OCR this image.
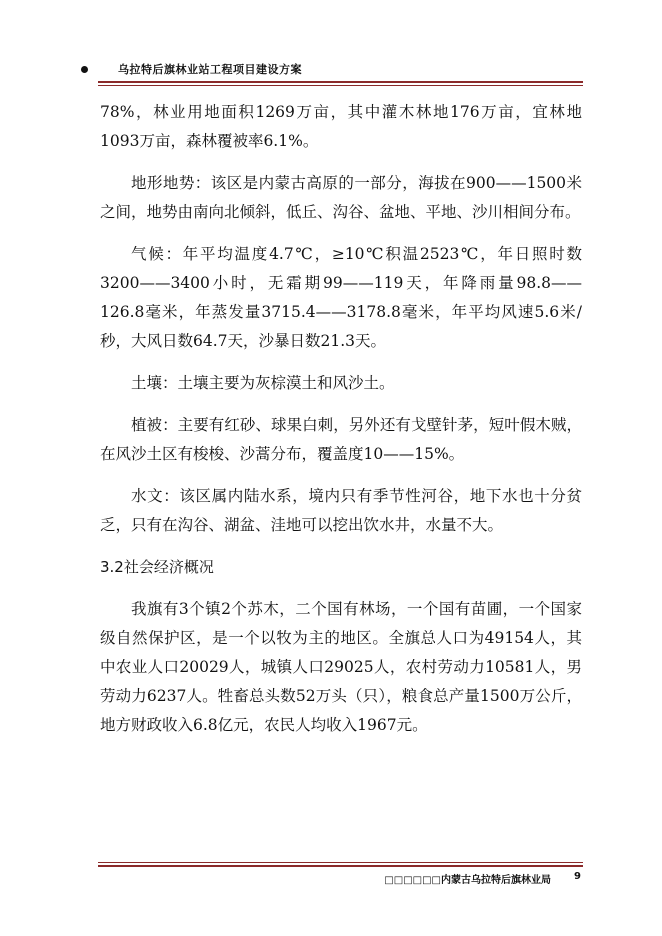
乌拉特后旗林业站工程项目建设方案

78%，林业用地面积1269万亩，其中灌木林地176万亩，宜林地1093万亩，森林覆被率6.1%。

地形地势：该区是内蒙古高原的一部分，海拔在900——1500米之间，地势由南向北倾斜，低丘、沟谷、盆地、平地、沙川相间分布。

气候：年平均温度4.7℃，≥10℃积温2523℃，年日照时数3200——3400小时，无霜期99——119天，年降雨量98.8——126.8毫米，年蒸发量3715.4——3178.8毫米，年平均风速5.6米/秒，大风日数64.7天，沙暴日数21.3天。

土壤：土壤主要为灰棕漠土和风沙土。

植被：主要有红砂、球果白刺，另外还有戈壁针茅，短叶假木贼，在风沙土区有梭梭、沙蒿分布，覆盖度10——15%。

水文：该区属内陆水系，境内只有季节性河谷，地下水也十分贫乏，只有在沟谷、湖盆、洼地可以挖出饮水井，水量不大。

3.2社会经济概况

我旗有3个镇2个苏木，二个国有林场，一个国有苗圃，一个国家级自然保护区，是一个以牧为主的地区。全旗总人口为49154人，其中农业人口20029人，城镇人口29025人，农村劳动力10581人，男劳动力6237人。牲畜总头数52万头（只），粮食总产量1500万公斤，地方财政收入6.8亿元，农民人均收入1967元。

□□□□□□内蒙古乌拉特后旗林业局 9
